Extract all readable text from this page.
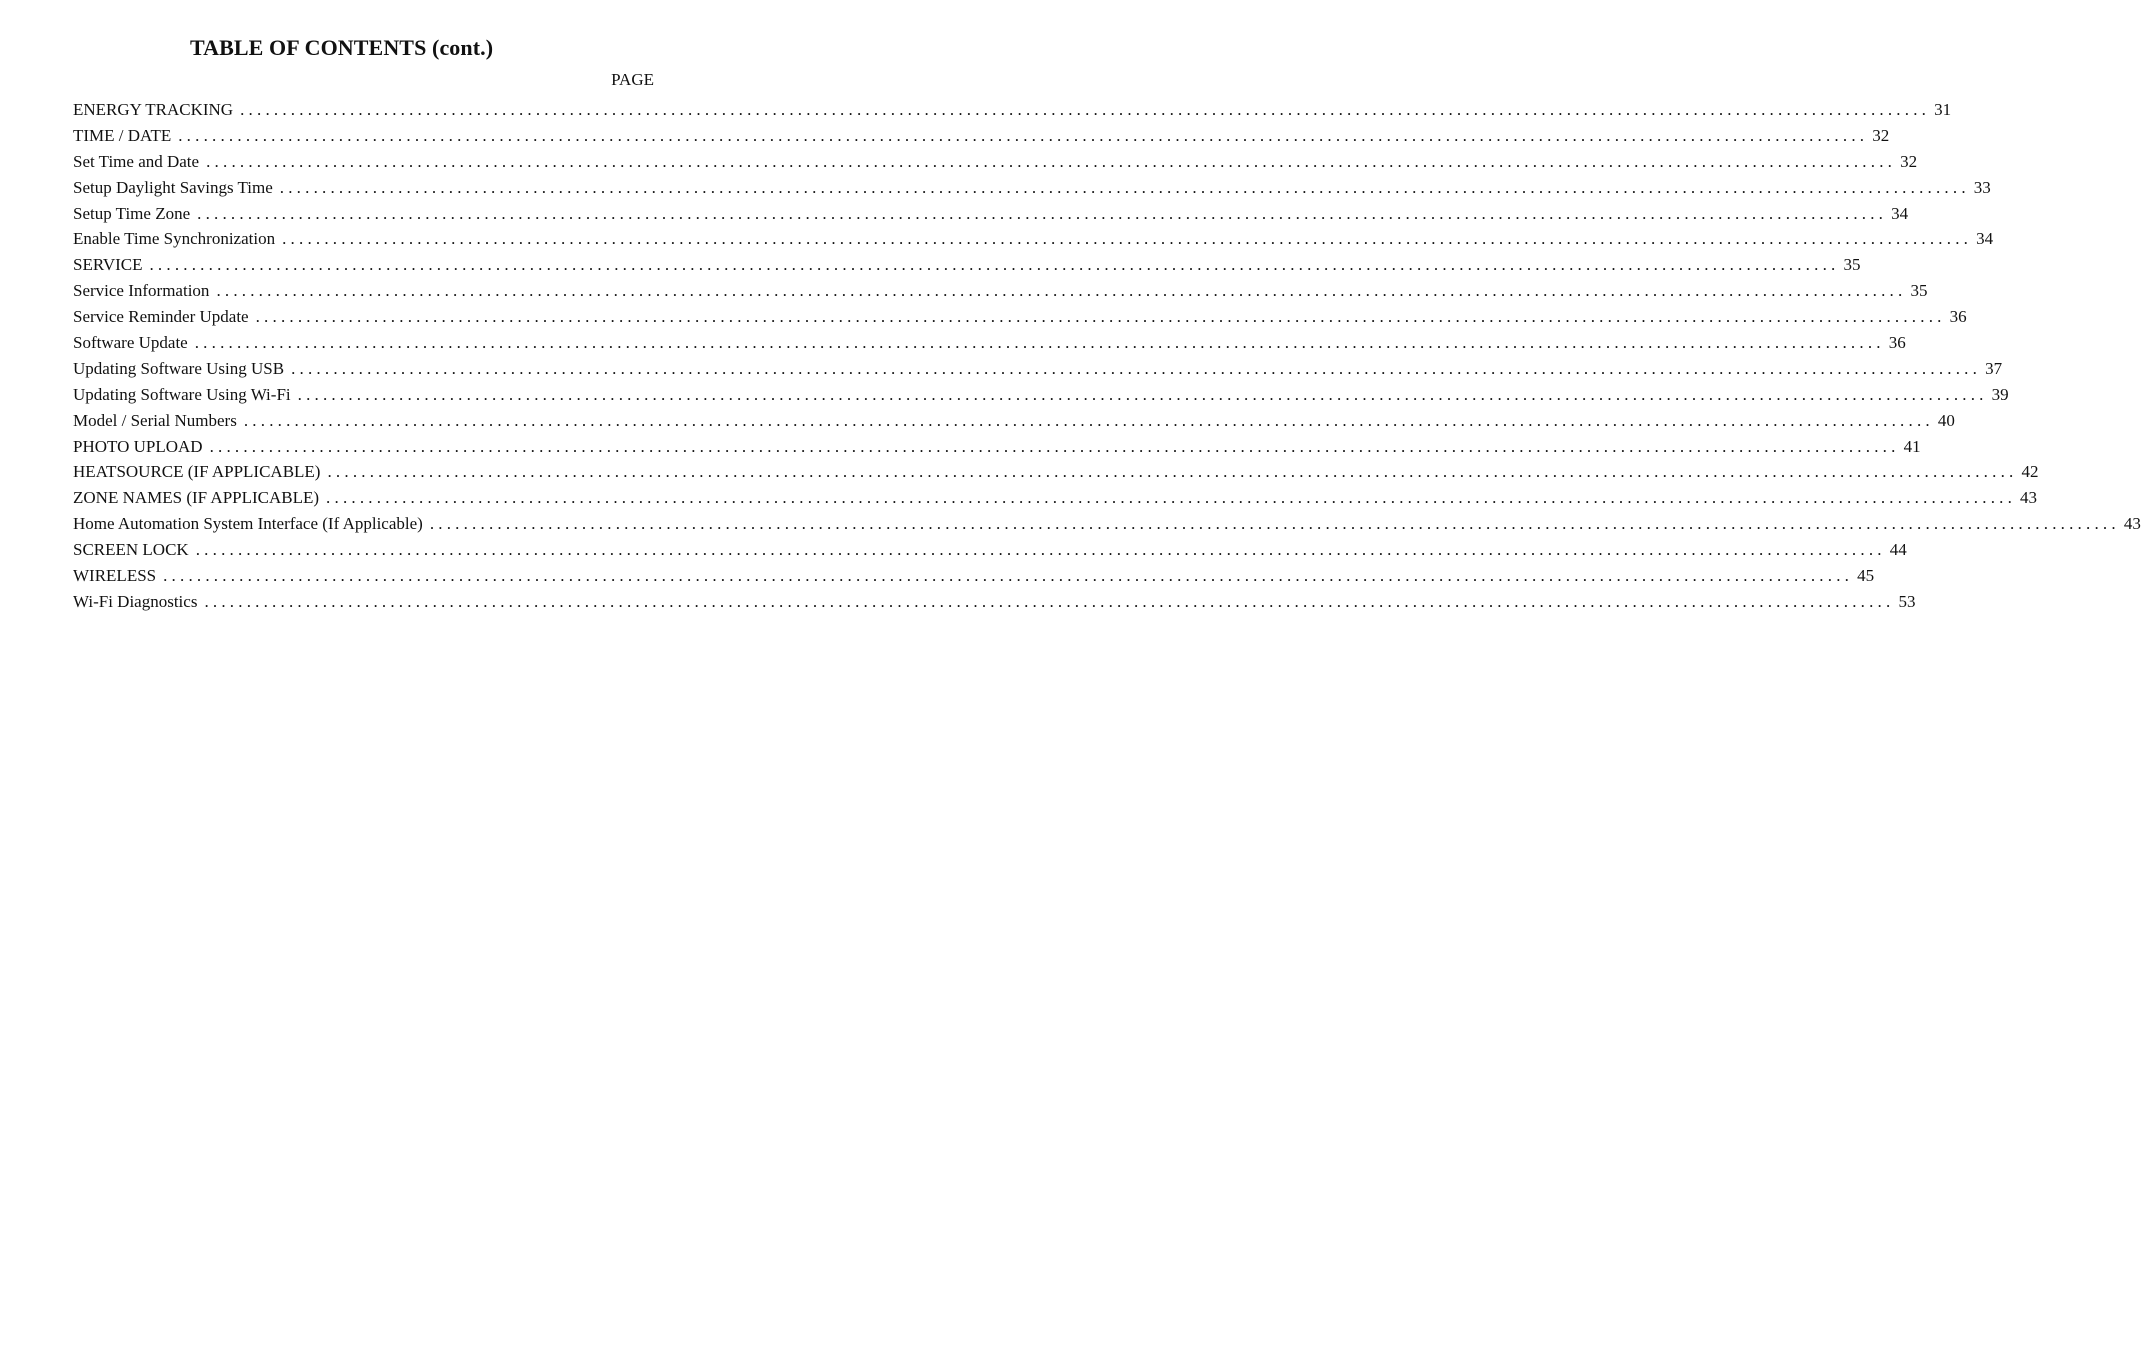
TABLE OF CONTENTS (cont.)
PAGE
ENERGY TRACKING ........................................................................................................................................................................................................ 31
TIME / DATE ........................................................................................................................................................................................................ 32
Set Time and Date ........................................................................................................................................................................................................ 32
Setup Daylight Savings Time ........................................................................................................................................................................................................ 33
Setup Time Zone ........................................................................................................................................................................................................ 34
Enable Time Synchronization ........................................................................................................................................................................................................ 34
SERVICE ........................................................................................................................................................................................................ 35
Service Information ........................................................................................................................................................................................................ 35
Service Reminder Update ........................................................................................................................................................................................................ 36
Software Update ........................................................................................................................................................................................................ 36
Updating Software Using USB ........................................................................................................................................................................................................ 37
Updating Software Using Wi-Fi ........................................................................................................................................................................................................ 39
Model / Serial Numbers ........................................................................................................................................................................................................ 40
PHOTO UPLOAD ........................................................................................................................................................................................................ 41
HEATSOURCE (IF APPLICABLE) ........................................................................................................................................................................................................ 42
ZONE NAMES (IF APPLICABLE) ........................................................................................................................................................................................................ 43
Home Automation System Interface (If Applicable) ........................................................................................................................................................................................................ 43
SCREEN LOCK ........................................................................................................................................................................................................ 44
WIRELESS ........................................................................................................................................................................................................ 45
Wi-Fi Diagnostics ........................................................................................................................................................................................................ 53
